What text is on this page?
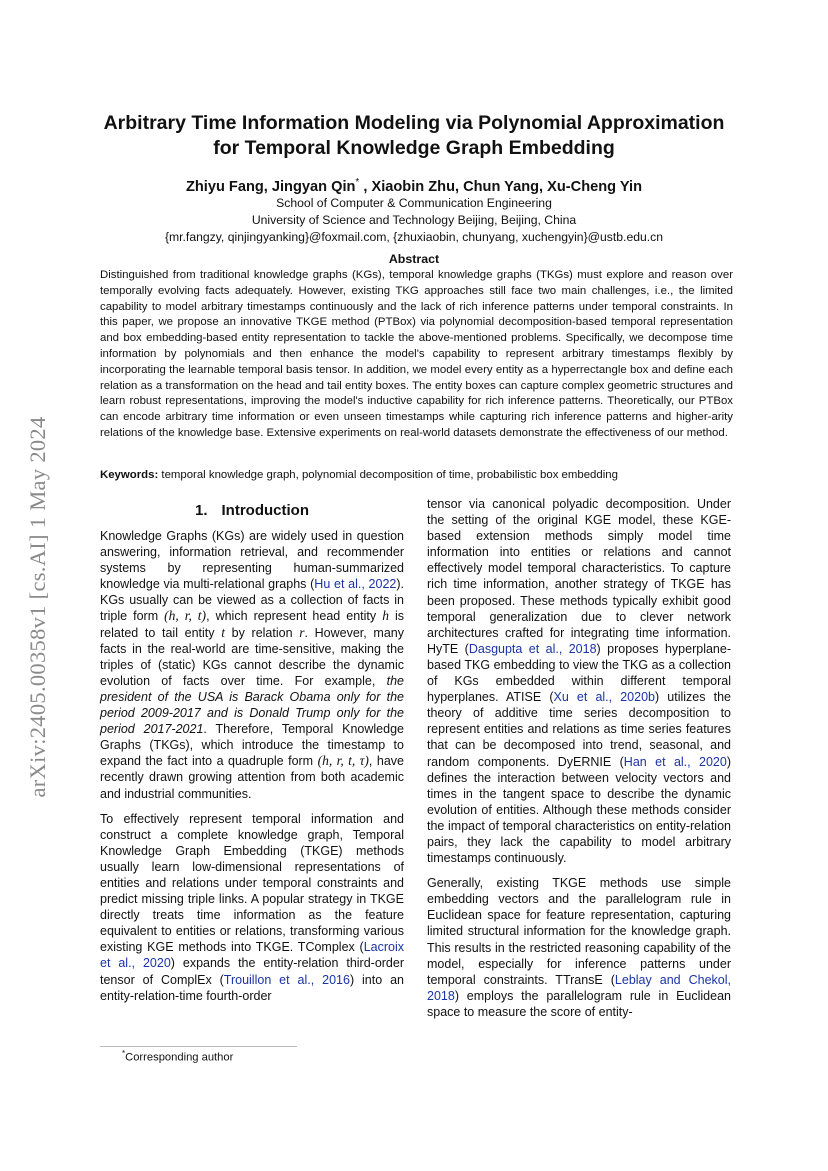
arXiv:2405.00358v1 [cs.AI] 1 May 2024
Arbitrary Time Information Modeling via Polynomial Approximation
for Temporal Knowledge Graph Embedding
Zhiyu Fang, Jingyan Qin* , Xiaobin Zhu, Chun Yang, Xu-Cheng Yin
School of Computer & Communication Engineering
University of Science and Technology Beijing, Beijing, China
{mr.fangzy, qinjingyanking}@foxmail.com, {zhuxiaobin, chunyang, xuchengyin}@ustb.edu.cn
Abstract

Distinguished from traditional knowledge graphs (KGs), temporal knowledge graphs (TKGs) must explore and reason over temporally evolving facts adequately. However, existing TKG approaches still face two main challenges, i.e., the limited capability to model arbitrary timestamps continuously and the lack of rich inference patterns under temporal constraints. In this paper, we propose an innovative TKGE method (PTBox) via polynomial decomposition-based temporal representation and box embedding-based entity representation to tackle the above-mentioned problems. Specifically, we decompose time information by polynomials and then enhance the model's capability to represent arbitrary timestamps flexibly by incorporating the learnable temporal basis tensor. In addition, we model every entity as a hyperrectangle box and define each relation as a transformation on the head and tail entity boxes. The entity boxes can capture complex geometric structures and learn robust representations, improving the model's inductive capability for rich inference patterns. Theoretically, our PTBox can encode arbitrary time information or even unseen timestamps while capturing rich inference patterns and higher-arity relations of the knowledge base. Extensive experiments on real-world datasets demonstrate the effectiveness of our method.

Keywords: temporal knowledge graph, polynomial decomposition of time, probabilistic box embedding

1. Introduction

Knowledge Graphs (KGs) are widely used in question answering, information retrieval, and recommender systems by representing human-summarized knowledge via multi-relational graphs (Hu et al., 2022). KGs usually can be viewed as a collection of facts in triple form (h, r, t), which represent head entity h is related to tail entity t by relation r. However, many facts in the real-world are time-sensitive, making the triples of (static) KGs cannot describe the dynamic evolution of facts over time. For example, the president of the USA is Barack Obama only for the period 2009-2017 and is Donald Trump only for the period 2017-2021. Therefore, Temporal Knowledge Graphs (TKGs), which introduce the timestamp to expand the fact into a quadruple form (h, r, t, τ), have recently drawn growing attention from both academic and industrial communities.

To effectively represent temporal information and construct a complete knowledge graph, Temporal Knowledge Graph Embedding (TKGE) methods usually learn low-dimensional representations of entities and relations under temporal constraints and predict missing triple links. A popular strategy in TKGE directly treats time information as the feature equivalent to entities or relations, transforming various existing KGE methods into TKGE. TComplex (Lacroix et al., 2020) expands the entity-relation third-order tensor of ComplEx (Trouillon et al., 2016) into an entity-relation-time fourth-order

tensor via canonical polyadic decomposition. Under the setting of the original KGE model, these KGE-based extension methods simply model time information into entities or relations and cannot effectively model temporal characteristics. To capture rich time information, another strategy of TKGE has been proposed. These methods typically exhibit good temporal generalization due to clever network architectures crafted for integrating time information. HyTE (Dasgupta et al., 2018) proposes hyperplane-based TKG embedding to view the TKG as a collection of KGs embedded within different temporal hyperplanes. ATISE (Xu et al., 2020b) utilizes the theory of additive time series decomposition to represent entities and relations as time series features that can be decomposed into trend, seasonal, and random components. DyERNIE (Han et al., 2020) defines the interaction between velocity vectors and times in the tangent space to describe the dynamic evolution of entities. Although these methods consider the impact of temporal characteristics on entity-relation pairs, they lack the capability to model arbitrary timestamps continuously.

Generally, existing TKGE methods use simple embedding vectors and the parallelogram rule in Euclidean space for feature representation, capturing limited structural information for the knowledge graph. This results in the restricted reasoning capability of the model, especially for inference patterns under temporal constraints. TTransE (Leblay and Chekol, 2018) employs the parallelogram rule in Euclidean space to measure the score of entity-

*Corresponding author
